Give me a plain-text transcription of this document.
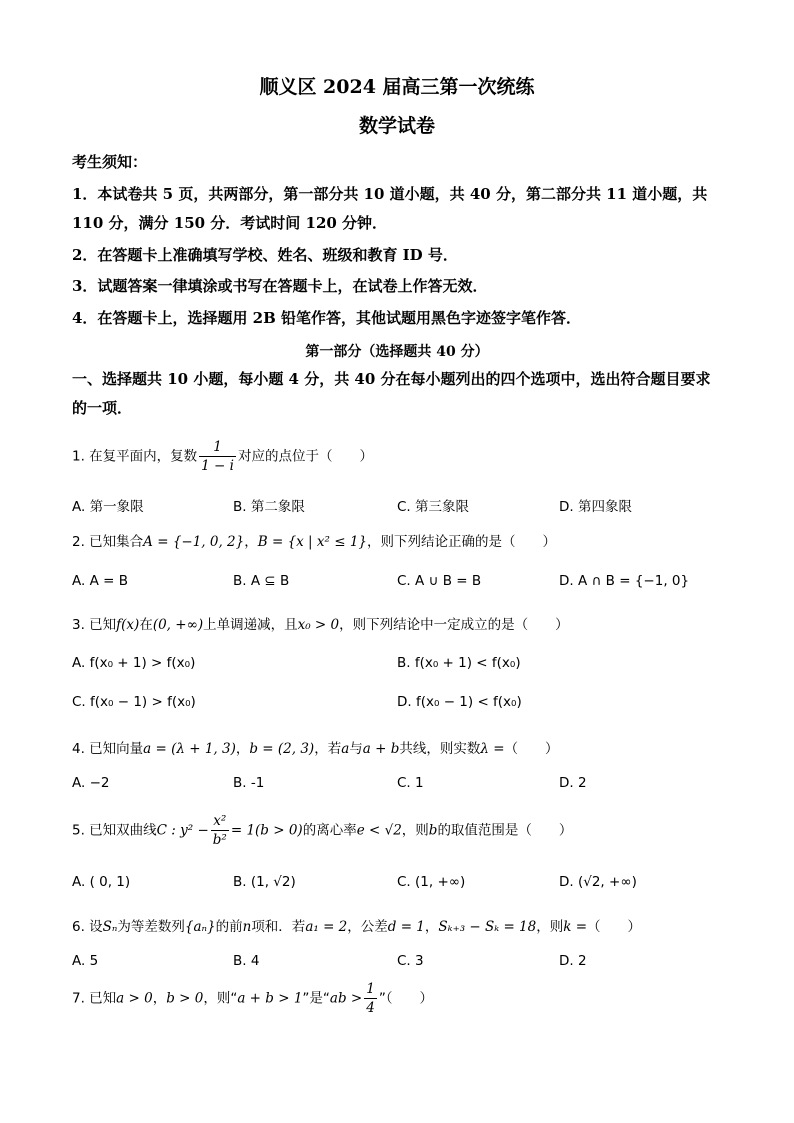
顺义区 2024 届高三第一次统练
数学试卷
考生须知：
1．本试卷共 5 页，共两部分，第一部分共 10 道小题，共 40 分，第二部分共 11 道小题，共 110 分，满分 150 分．考试时间 120 分钟．
2．在答题卡上准确填写学校、姓名、班级和教育 ID 号．
3．试题答案一律填涂或书写在答题卡上，在试卷上作答无效．
4．在答题卡上，选择题用 2B 铅笔作答，其他试题用黑色字迹签字笔作答．
第一部分（选择题共 40 分）
一、选择题共 10 小题，每小题 4 分，共 40 分在每小题列出的四个选项中，选出符合题目要求的一项．
1. 在复平面内，复数 $\frac{1}{1 - i}$ 对应的点位于（　　）
A. 第一象限	B. 第二象限	C. 第三象限	D. 第四象限
2. 已知集合A = {−1, 0, 2}，B = {x | x² ≤ 1}，则下列结论正确的是（　　）
A. A = B	B. A ⊆ B	C. A ∪ B = B	D. A ∩ B = {−1, 0}
3. 已知f(x)在(0, +∞)上单调递减，且x₀ > 0，则下列结论中一定成立的是（　　）
A. f(x₀ + 1) > f(x₀)	B. f(x₀ + 1) < f(x₀)
C. f(x₀ − 1) > f(x₀)	D. f(x₀ − 1) < f(x₀)
4. 已知向量a = (λ + 1, 3)，b = (2, 3)，若a与a + b共线，则实数λ =（　　）
A. −2	B. -1	C. 1	D. 2
5. 已知双曲线C : $y^2 - \frac{\text{x²}}{\text{b²}} = 1(b > 0)$的离心率e < √2，则b的取值范围是（　　）
A. ( 0, 1)	B. (1, √2)	C. (1, +∞)	D. (√2, +∞)
6. 设Sₙ为等差数列{aₙ}的前n项和．若a₁ = 2，公差d = 1，Sₖ₊₃ − Sₖ = 18，则k =（　　）
A. 5	B. 4	C. 3	D. 2
7. 已知a > 0，b > 0，则“a + b > 1”是“ab > $\frac{1}{4}$ ”（　　）
